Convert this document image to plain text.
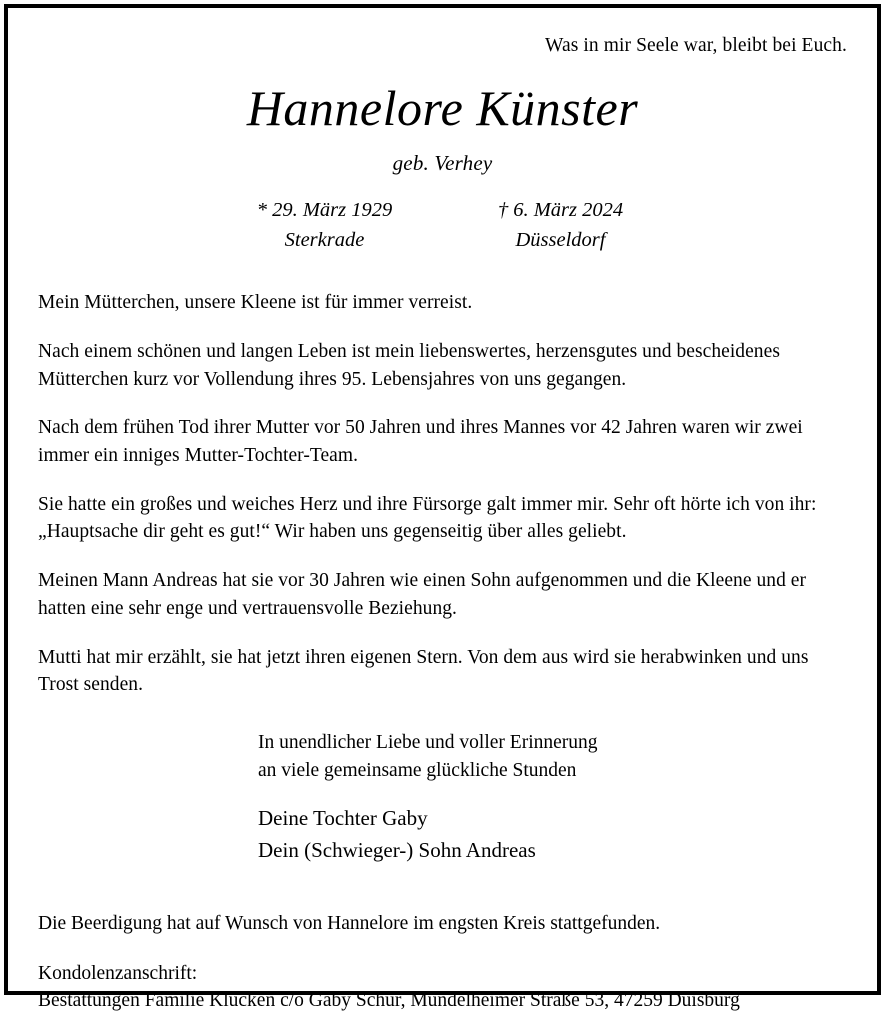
Was in mir Seele war, bleibt bei Euch.
Hannelore Künster
geb. Verhey
* 29. März 1929
Sterkrade
† 6. März 2024
Düsseldorf

Mein Mütterchen, unsere Kleene ist für immer verreist.

Nach einem schönen und langen Leben ist mein liebenswertes, herzensgutes und bescheidenes Mütterchen kurz vor Vollendung ihres 95. Lebensjahres von uns gegangen.

Nach dem frühen Tod ihrer Mutter vor 50 Jahren und ihres Mannes vor 42 Jahren waren wir zwei immer ein inniges Mutter-Tochter-Team.

Sie hatte ein großes und weiches Herz und ihre Fürsorge galt immer mir. Sehr oft hörte ich von ihr: „Hauptsache dir geht es gut!“ Wir haben uns gegenseitig über alles geliebt.

Meinen Mann Andreas hat sie vor 30 Jahren wie einen Sohn aufgenommen und die Kleene und er hatten eine sehr enge und vertrauensvolle Beziehung.

Mutti hat mir erzählt, sie hat jetzt ihren eigenen Stern. Von dem aus wird sie herabwinken und uns Trost senden.

In unendlicher Liebe und voller Erinnerung

an viele gemeinsame glückliche Stunden

Deine Tochter Gaby

Dein (Schwieger-) Sohn Andreas

Die Beerdigung hat auf Wunsch von Hannelore im engsten Kreis stattgefunden.

Kondolenzanschrift:

Bestattungen Familie Klucken c/o Gaby Schur, Mündelheimer Straße 53, 47259 Duisburg
